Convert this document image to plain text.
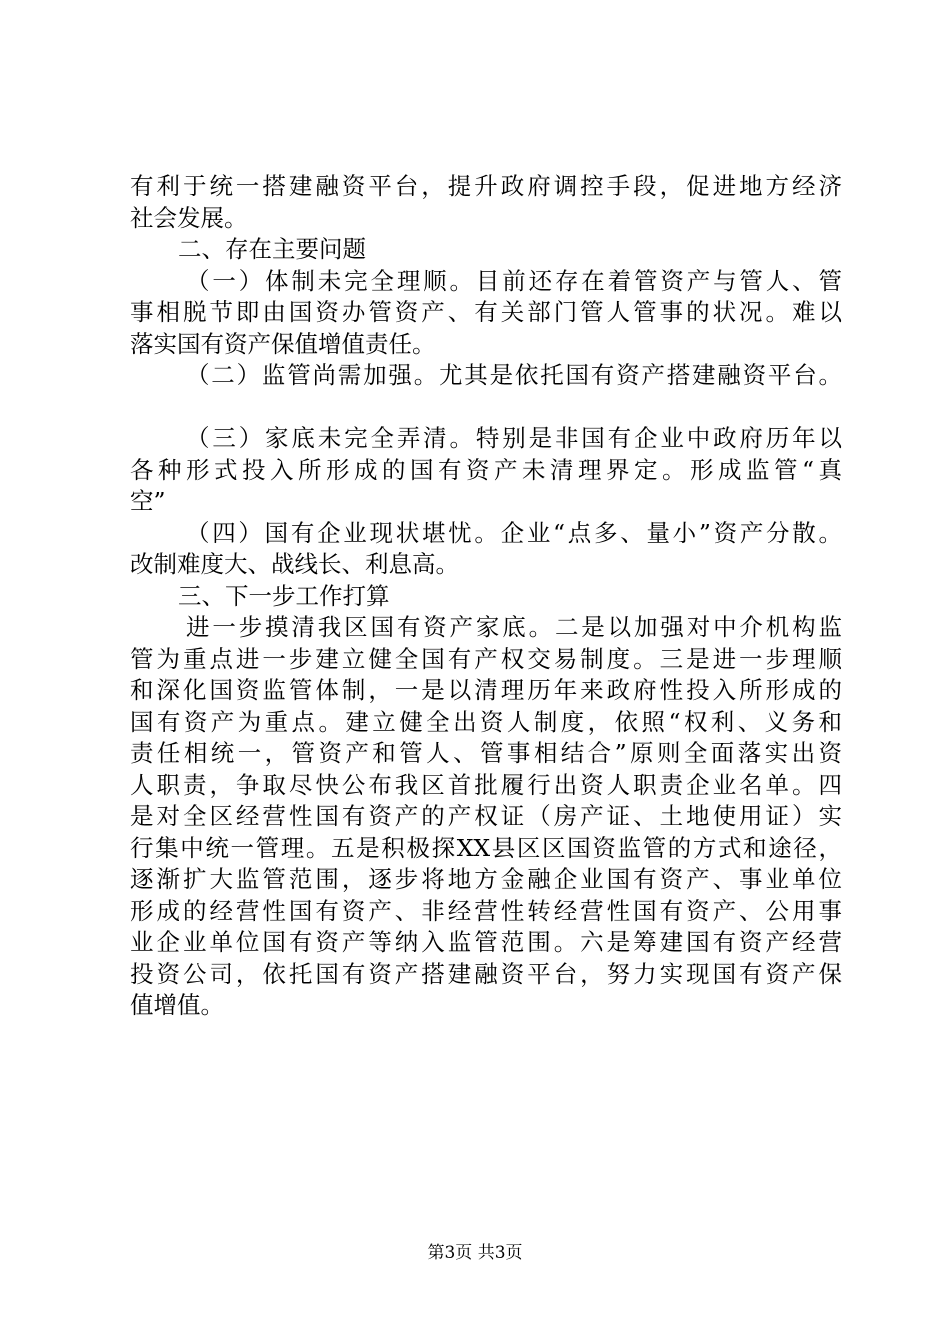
有利于统一搭建融资平台，提升政府调控手段，促进地方经济
社会发展。
二、存在主要问题
（一）体制未完全理顺。目前还存在着管资产与管人、管
事相脱节即由国资办管资产、有关部门管人管事的状况。难以
落实国有资产保值增值责任。
（二）监管尚需加强。尤其是依托国有资产搭建融资平台。
（三）家底未完全弄清。特别是非国有企业中政府历年以
各种形式投入所形成的国有资产未清理界定。形成监管“真
空”
（四）国有企业现状堪忧。企业“点多、量小”资产分散。
改制难度大、战线长、利息高。
三、下一步工作打算
进一步摸清我区国有资产家底。二是以加强对中介机构监
管为重点进一步建立健全国有产权交易制度。三是进一步理顺
和深化国资监管体制，一是以清理历年来政府性投入所形成的
国有资产为重点。建立健全出资人制度，依照“权利、义务和
责任相统一，管资产和管人、管事相结合”原则全面落实出资
人职责，争取尽快公布我区首批履行出资人职责企业名单。四
是对全区经营性国有资产的产权证（房产证、土地使用证）实
行集中统一管理。五是积极探XX县区区国资监管的方式和途径，
逐渐扩大监管范围，逐步将地方金融企业国有资产、事业单位
形成的经营性国有资产、非经营性转经营性国有资产、公用事
业企业单位国有资产等纳入监管范围。六是筹建国有资产经营
投资公司，依托国有资产搭建融资平台，努力实现国有资产保
值增值。
第3页 共3页
